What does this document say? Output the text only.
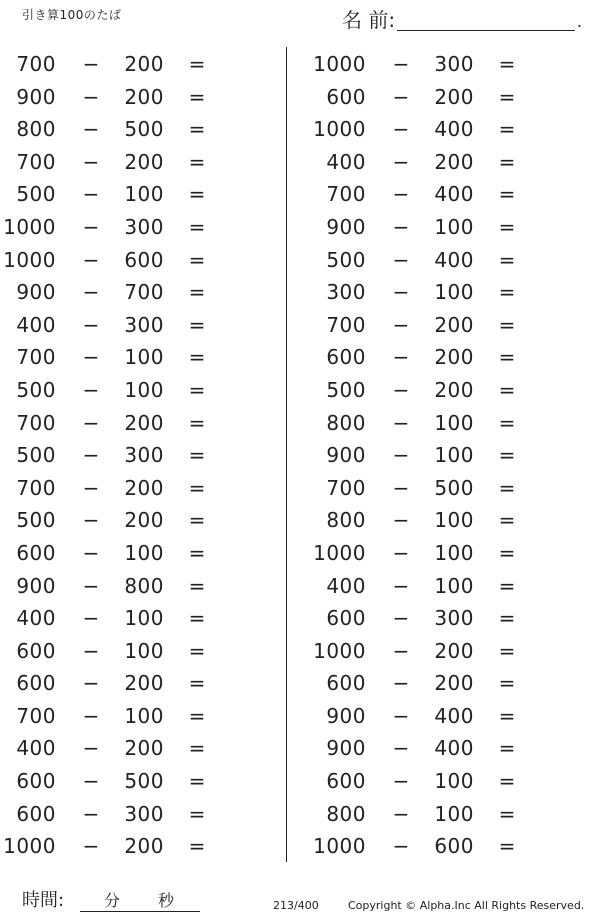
引き算100のたば	名 前:	.
700 − 200 =
900 − 200 =
800 − 500 =
700 − 200 =
500 − 100 =
1000 − 300 =
1000 − 600 =
900 − 700 =
400 − 300 =
700 − 100 =
500 − 100 =
700 − 200 =
500 − 300 =
700 − 200 =
500 − 200 =
600 − 100 =
900 − 800 =
400 − 100 =
600 − 100 =
600 − 200 =
700 − 100 =
400 − 200 =
600 − 500 =
600 − 300 =
1000 − 200 =
1000 − 300 =
600 − 200 =
1000 − 400 =
400 − 200 =
700 − 400 =
900 − 100 =
500 − 400 =
300 − 100 =
700 − 200 =
600 − 200 =
500 − 200 =
800 − 100 =
900 − 100 =
700 − 500 =
800 − 100 =
1000 − 100 =
400 − 100 =
600 − 300 =
1000 − 200 =
600 − 200 =
900 − 400 =
900 − 400 =
600 − 100 =
800 − 100 =
1000 − 600 =
時間: 分 秒	213/400	Copyright © Alpha.Inc All Rights Reserved.
